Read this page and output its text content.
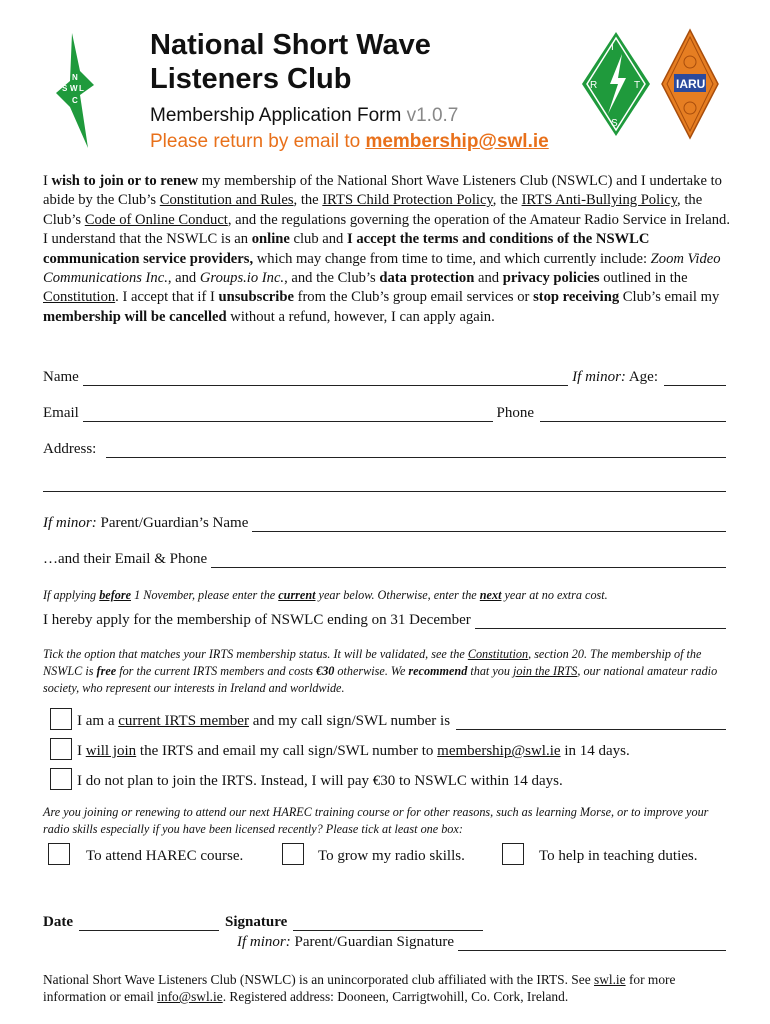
N
S W L
C
I
R	T
S
IARU
National Short Wave
Listeners Club
Membership Application Form v1.0.7
Please return by email to membership@swl.ie

I wish to join or to renew my membership of the National Short Wave Listeners Club (NSWLC) and I undertake to abide by the Club’s Constitution and Rules, the IRTS Child Protection Policy, the IRTS Anti-Bullying Policy, the Club’s Code of Online Conduct, and the regulations governing the operation of the Amateur Radio Service in Ireland. I understand that the NSWLC is an online club and I accept the terms and conditions of the NSWLC communication service providers, which may change from time to time, and which currently include: Zoom Video Communications Inc., and Groups.io Inc., and the Club’s data protection and privacy policies outlined in the Constitution. I accept that if I unsubscribe from the Club’s group email services or stop receiving Club’s email my membership will be cancelled without a refund, however, I can apply again.

Name	If minor: Age:
Email	Phone
Address:
If minor: Parent/Guardian’s Name
…and their Email & Phone
If applying before 1 November, please enter the current year below. Otherwise, enter the next year at no extra cost.
I hereby apply for the membership of NSWLC ending on 31 December
Tick the option that matches your IRTS membership status. It will be validated, see the Constitution, section 20. The membership of the NSWLC is free for the current IRTS members and costs €30 otherwise. We recommend that you join the IRTS, our national amateur radio society, who represent our interests in Ireland and worldwide.
I am a current IRTS member and my call sign/SWL number is
I will join the IRTS and email my call sign/SWL number to membership@swl.ie in 14 days.
I do not plan to join the IRTS. Instead, I will pay €30 to NSWLC within 14 days.
Are you joining or renewing to attend our next HAREC training course or for other reasons, such as learning Morse, or to improve your radio skills especially if you have been licensed recently? Please tick at least one box:
To attend HAREC course.	To grow my radio skills.	To help in teaching duties.
Date	Signature
If minor: Parent/Guardian Signature
National Short Wave Listeners Club (NSWLC) is an unincorporated club affiliated with the IRTS. See swl.ie for more information or email info@swl.ie. Registered address: Dooneen, Carrigtwohill, Co. Cork, Ireland.
